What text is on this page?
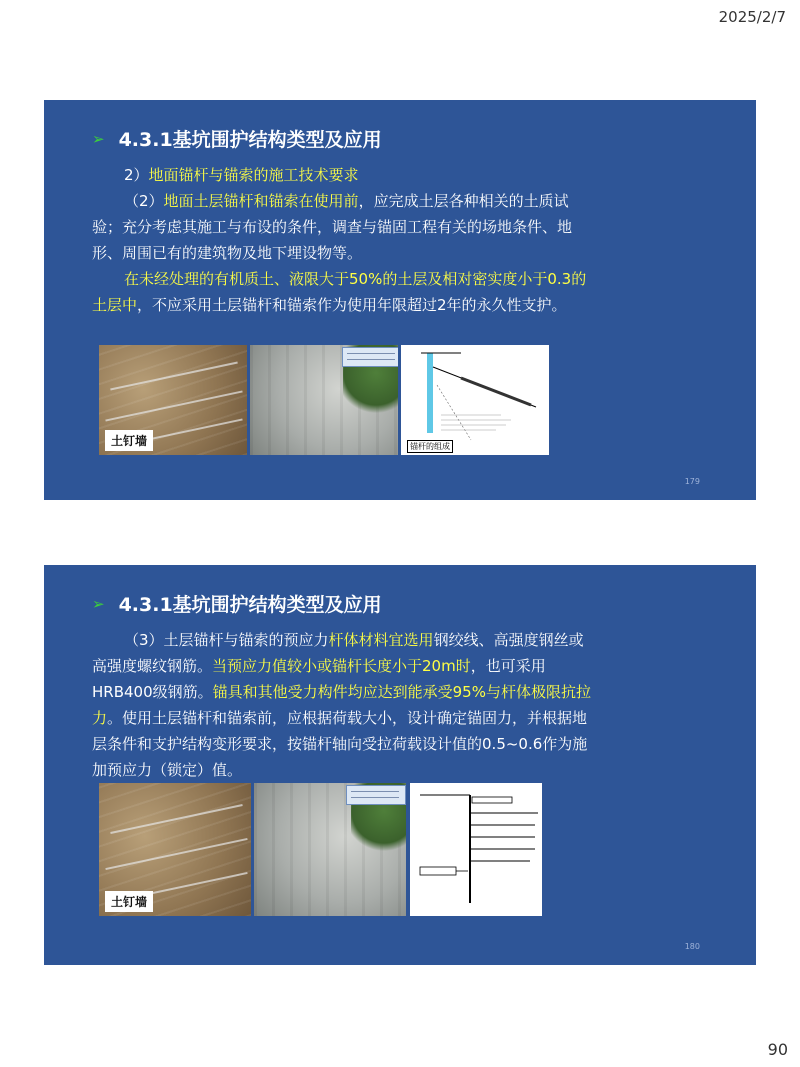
2025/2/7
➢ 4.3.1基坑围护结构类型及应用

2）地面锚杆与锚索的施工技术要求

（2）地面土层锚杆和锚索在使用前，应完成土层各种相关的土质试验；充分考虑其施工与布设的条件，调查与锚固工程有关的场地条件、地形、周围已有的建筑物及地下埋设物等。

在未经处理的有机质土、液限大于50%的土层及相对密实度小于0.3的土层中，不应采用土层锚杆和锚索作为使用年限超过2年的永久性支护。

土钉墙	锚杆的组成
179
➢ 4.3.1基坑围护结构类型及应用

（3）土层锚杆与锚索的预应力杆体材料宜选用钢绞线、高强度钢丝或高强度螺纹钢筋。当预应力值较小或锚杆长度小于20m时，也可采用HRB400级钢筋。锚具和其他受力构件均应达到能承受95%与杆体极限抗拉力。使用土层锚杆和锚索前，应根据荷载大小，设计确定锚固力，并根据地层条件和支护结构变形要求，按锚杆轴向受拉荷载设计值的0.5~0.6作为施加预应力（锁定）值。

土钉墙
180
90
